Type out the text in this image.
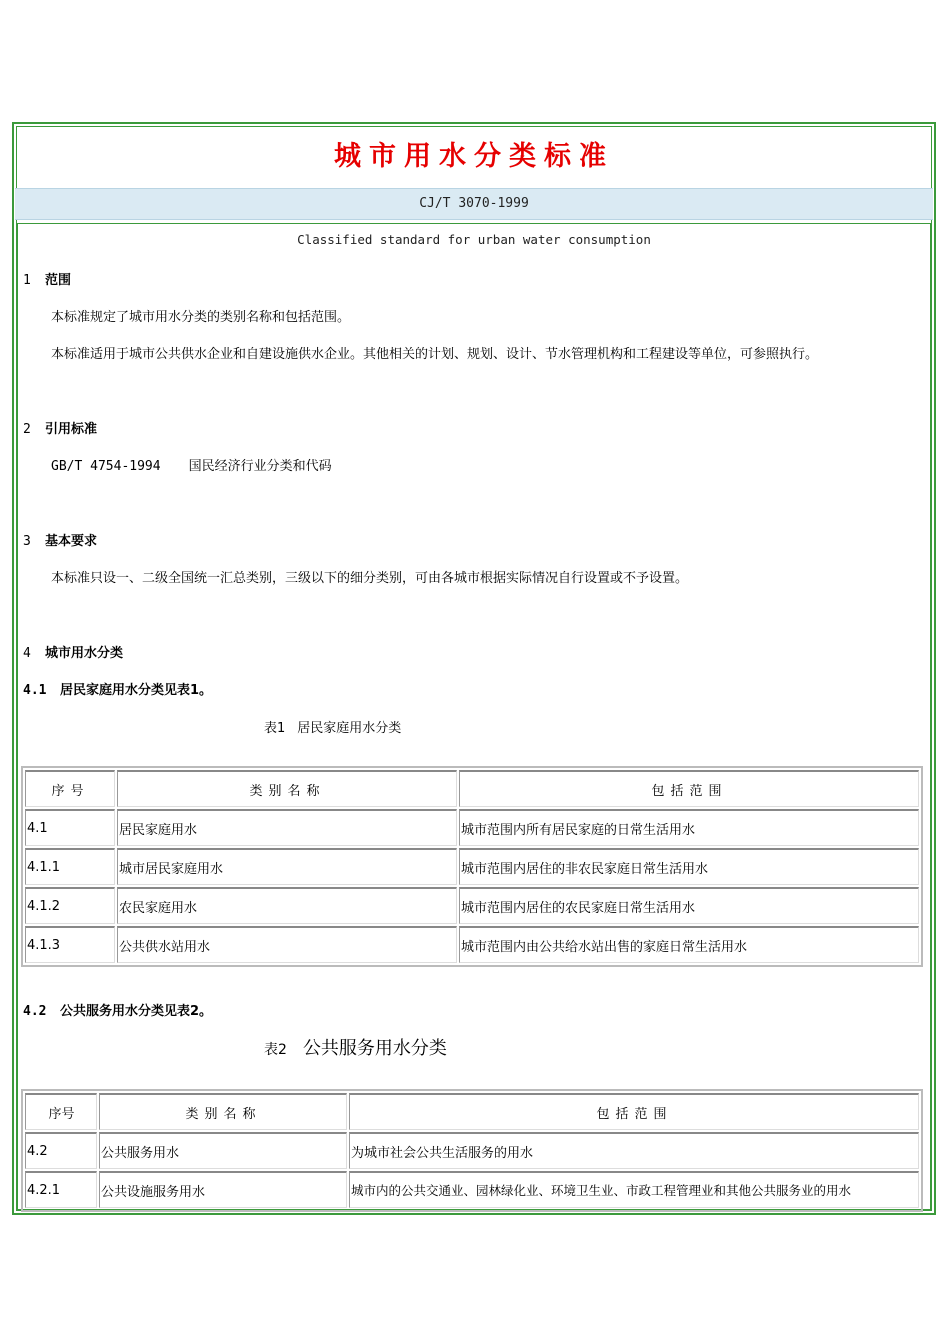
城市用水分类标准
CJ/T 3070-1999
Classified standard for urban water consumption
1 范围
本标准规定了城市用水分类的类别名称和包括范围。
本标准适用于城市公共供水企业和自建设施供水企业。其他相关的计划、规划、设计、节水管理机构和工程建设等单位，可参照执行。
2 引用标准
GB/T 4754-1994 国民经济行业分类和代码
3 基本要求
本标准只设一、二级全国统一汇总类别，三级以下的细分类别，可由各城市根据实际情况自行设置或不予设置。
4 城市用水分类
4.1 居民家庭用水分类见表1。
表1 居民家庭用水分类
序号	类别名称	包括范围
4.1	居民家庭用水	城市范围内所有居民家庭的日常生活用水
4.1.1	城市居民家庭用水	城市范围内居住的非农民家庭日常生活用水
4.1.2	农民家庭用水	城市范围内居住的农民家庭日常生活用水
4.1.3	公共供水站用水	城市范围内由公共给水站出售的家庭日常生活用水
4.2 公共服务用水分类见表2。
表2 公共服务用水分类
序号	类别名称	包括范围
4.2	公共服务用水	为城市社会公共生活服务的用水
4.2.1	公共设施服务用水	城市内的公共交通业、园林绿化业、环境卫生业、市政工程管理业和其他公共服务业的用水
